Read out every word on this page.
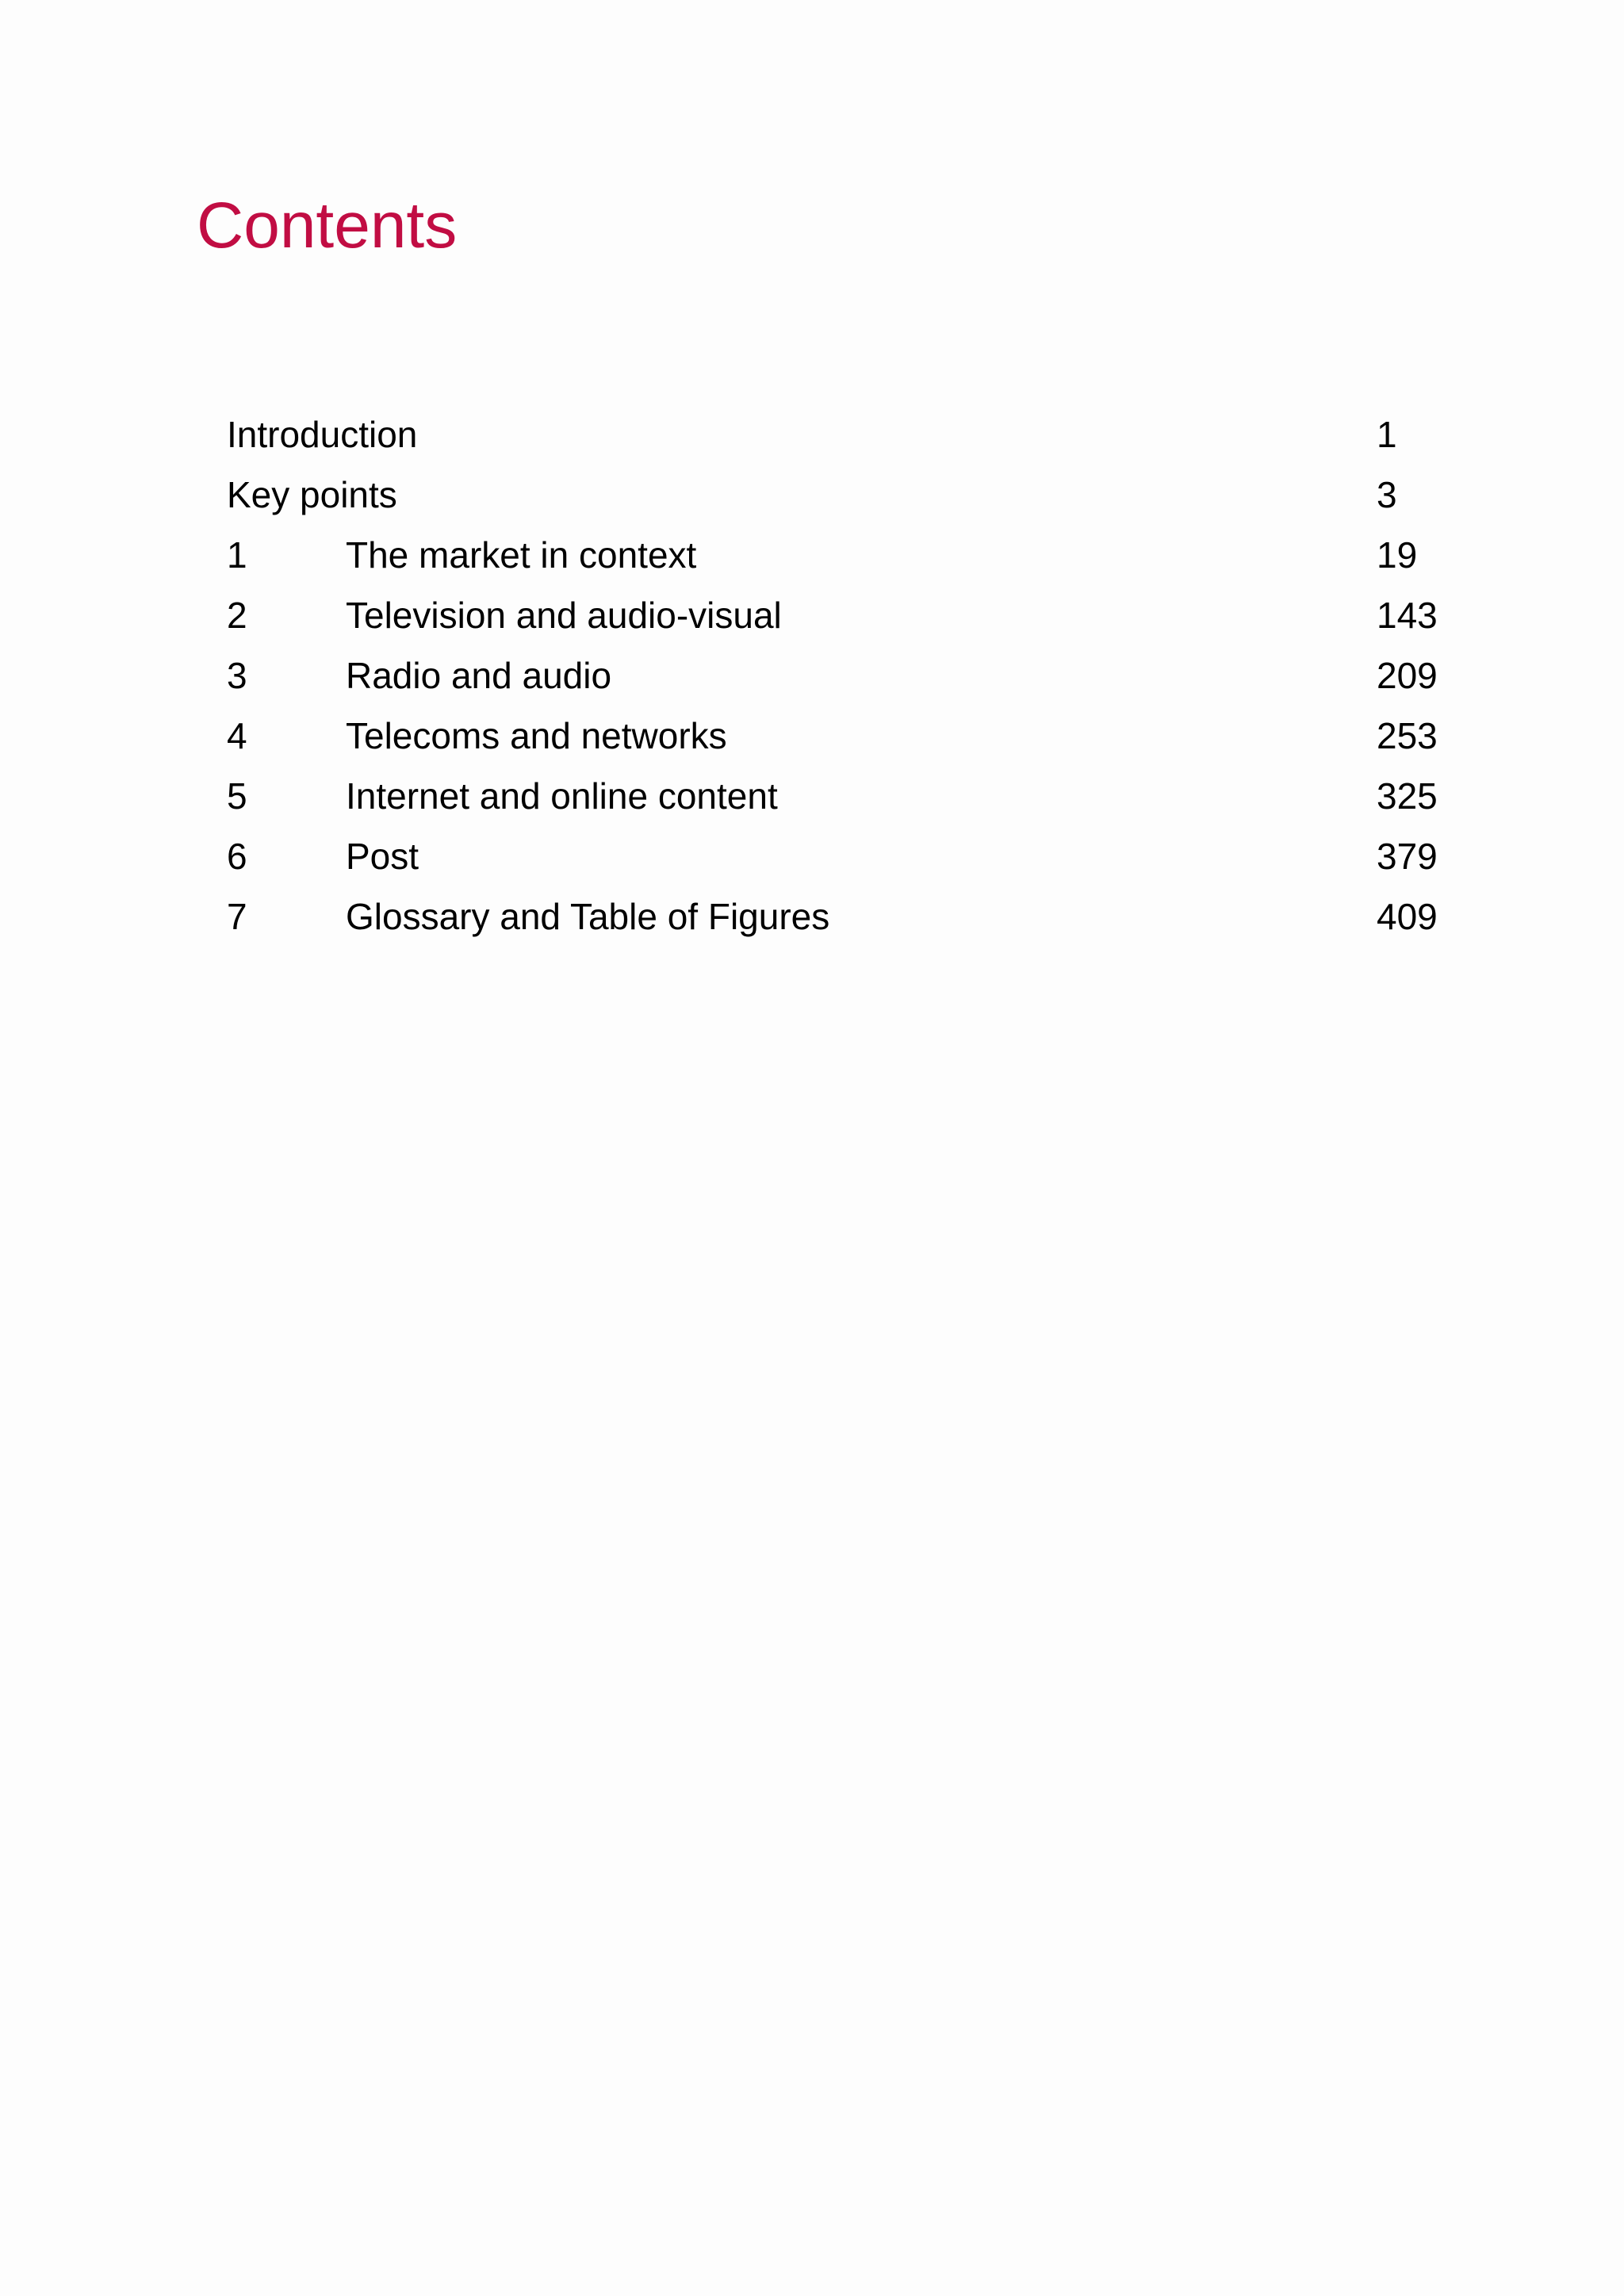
Contents
Introduction	1
Key points	3
1	The market in context	19
2	Television and audio-visual	143
3	Radio and audio	209
4	Telecoms and networks	253
5	Internet and online content	325
6	Post	379
7	Glossary and Table of Figures	409
